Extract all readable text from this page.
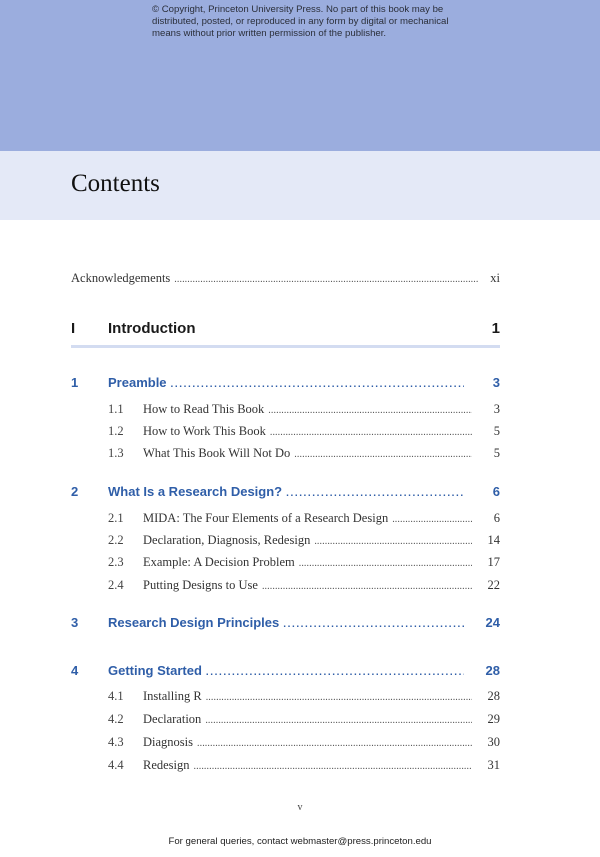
© Copyright, Princeton University Press. No part of this book may be distributed, posted, or reproduced in any form by digital or mechanical means without prior written permission of the publisher.
Contents
Acknowledgements . . .	xi
I	Introduction	1
1	Preamble . . .	3
1.1	How to Read This Book . . .	3
1.2	How to Work This Book . . .	5
1.3	What This Book Will Not Do . . .	5
2	What Is a Research Design? . . .	6
2.1	MIDA: The Four Elements of a Research Design . . .	6
2.2	Declaration, Diagnosis, Redesign . . .	14
2.3	Example: A Decision Problem . . .	17
2.4	Putting Designs to Use . . .	22
3	Research Design Principles . . .	24
4	Getting Started . . .	28
4.1	Installing R . . .	28
4.2	Declaration . . .	29
4.3	Diagnosis . . .	30
4.4	Redesign . . .	31
v
For general queries, contact webmaster@press.princeton.edu
